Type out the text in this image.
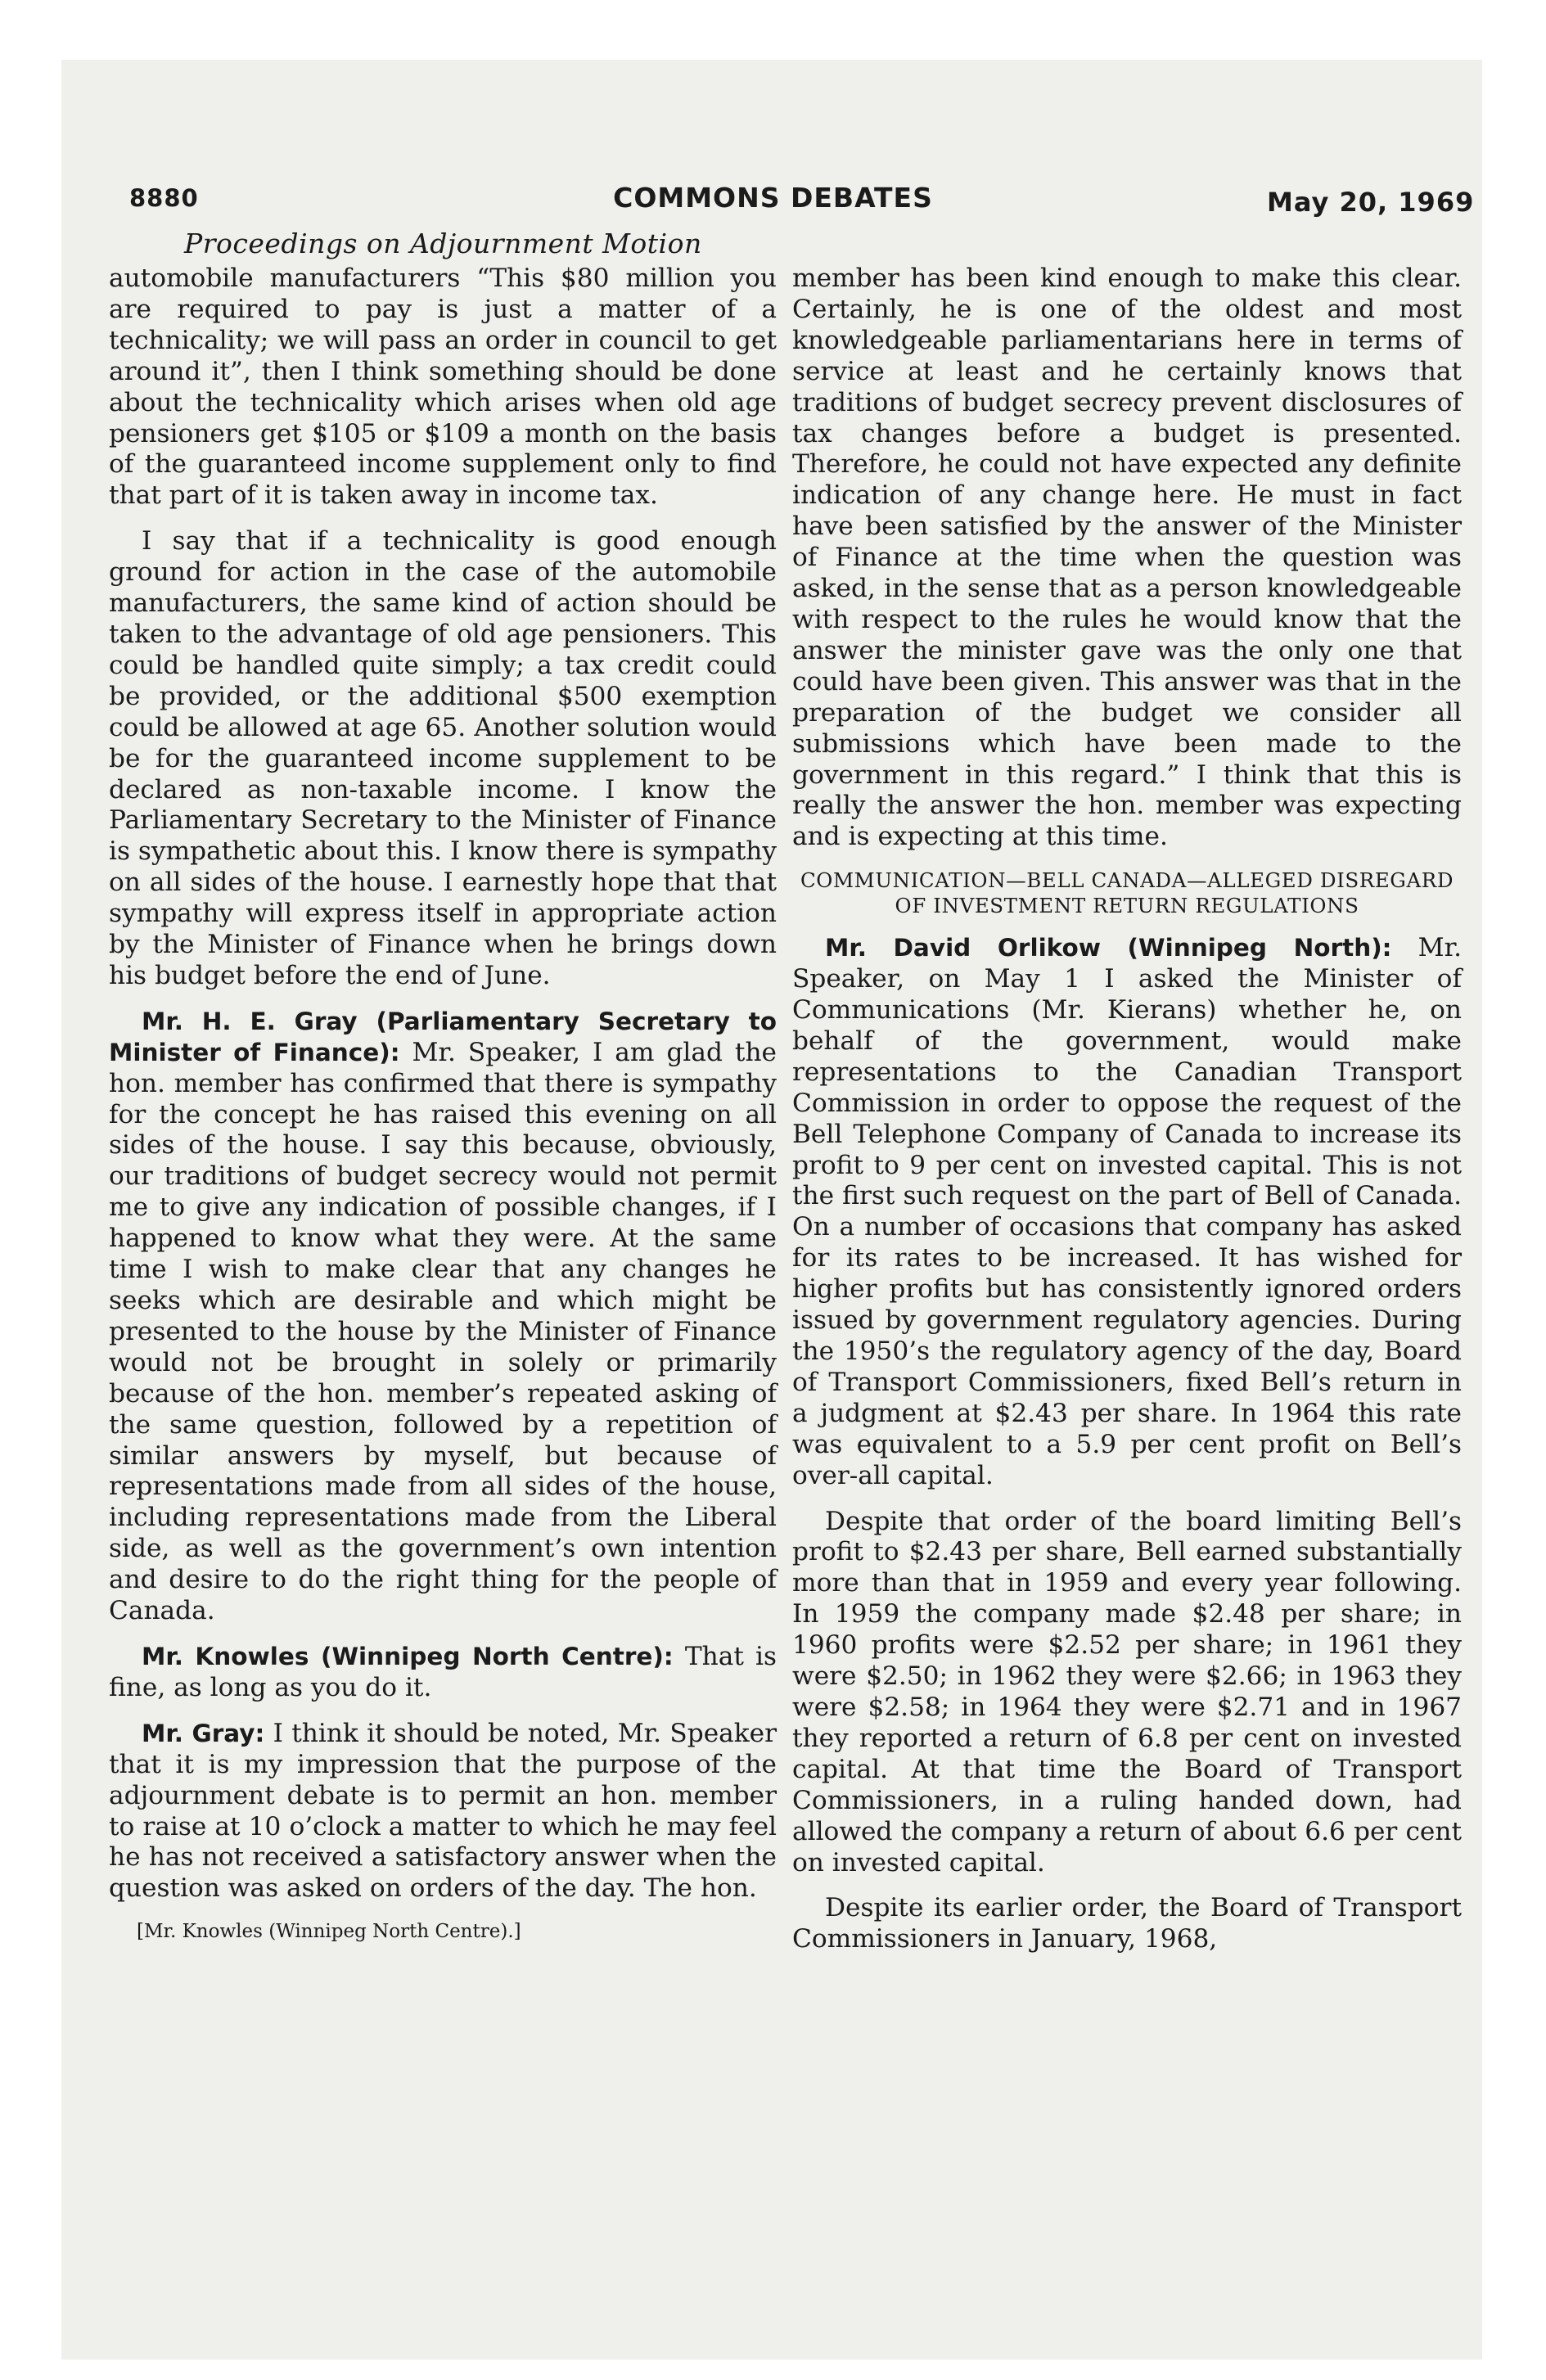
8880	COMMONS DEBATES	May 20, 1969
Proceedings on Adjournment Motion

automobile manufacturers “This $80 million you are required to pay is just a matter of a technicality; we will pass an order in council to get around it”, then I think something should be done about the technicality which arises when old age pensioners get $105 or $109 a month on the basis of the guaranteed income supplement only to find that part of it is taken away in income tax.

I say that if a technicality is good enough ground for action in the case of the automobile manufacturers, the same kind of action should be taken to the advantage of old age pensioners. This could be handled quite simply; a tax credit could be provided, or the additional $500 exemption could be allowed at age 65. Another solution would be for the guaranteed income supplement to be declared as non-taxable income. I know the Parliamentary Secretary to the Minister of Finance is sympathetic about this. I know there is sympathy on all sides of the house. I earnestly hope that that sympathy will express itself in appropriate action by the Minister of Finance when he brings down his budget before the end of June.

Mr. H. E. Gray (Parliamentary Secretary to Minister of Finance): Mr. Speaker, I am glad the hon. member has confirmed that there is sympathy for the concept he has raised this evening on all sides of the house. I say this because, obviously, our traditions of budget secrecy would not permit me to give any indication of possible changes, if I happened to know what they were. At the same time I wish to make clear that any changes he seeks which are desirable and which might be presented to the house by the Minister of Finance would not be brought in solely or primarily because of the hon. member’s repeated asking of the same question, followed by a repetition of similar answers by myself, but because of representations made from all sides of the house, including representations made from the Liberal side, as well as the government’s own intention and desire to do the right thing for the people of Canada.

Mr. Knowles (Winnipeg North Centre): That is fine, as long as you do it.

Mr. Gray: I think it should be noted, Mr. Speaker that it is my impression that the purpose of the adjournment debate is to permit an hon. member to raise at 10 o’clock a matter to which he may feel he has not received a satisfactory answer when the question was asked on orders of the day. The hon.

[Mr. Knowles (Winnipeg North Centre).]

member has been kind enough to make this clear. Certainly, he is one of the oldest and most knowledgeable parliamentarians here in terms of service at least and he certainly knows that traditions of budget secrecy prevent disclosures of tax changes before a budget is presented. Therefore, he could not have expected any definite indication of any change here. He must in fact have been satisfied by the answer of the Minister of Finance at the time when the question was asked, in the sense that as a person knowledgeable with respect to the rules he would know that the answer the minister gave was the only one that could have been given. This answer was that in the preparation of the budget we consider all submissions which have been made to the government in this regard.” I think that this is really the answer the hon. member was expecting and is expecting at this time.

COMMUNICATION—BELL CANADA—ALLEGED DISREGARD OF INVESTMENT RETURN REGULATIONS

Mr. David Orlikow (Winnipeg North): Mr. Speaker, on May 1 I asked the Minister of Communications (Mr. Kierans) whether he, on behalf of the government, would make representations to the Canadian Transport Commission in order to oppose the request of the Bell Telephone Company of Canada to increase its profit to 9 per cent on invested capital. This is not the first such request on the part of Bell of Canada. On a number of occasions that company has asked for its rates to be increased. It has wished for higher profits but has consistently ignored orders issued by government regulatory agencies. During the 1950’s the regulatory agency of the day, Board of Transport Commissioners, fixed Bell’s return in a judgment at $2.43 per share. In 1964 this rate was equivalent to a 5.9 per cent profit on Bell’s over-all capital.

Despite that order of the board limiting Bell’s profit to $2.43 per share, Bell earned substantially more than that in 1959 and every year following. In 1959 the company made $2.48 per share; in 1960 profits were $2.52 per share; in 1961 they were $2.50; in 1962 they were $2.66; in 1963 they were $2.58; in 1964 they were $2.71 and in 1967 they reported a return of 6.8 per cent on invested capital. At that time the Board of Transport Commissioners, in a ruling handed down, had allowed the company a return of about 6.6 per cent on invested capital.

Despite its earlier order, the Board of Transport Commissioners in January, 1968,
